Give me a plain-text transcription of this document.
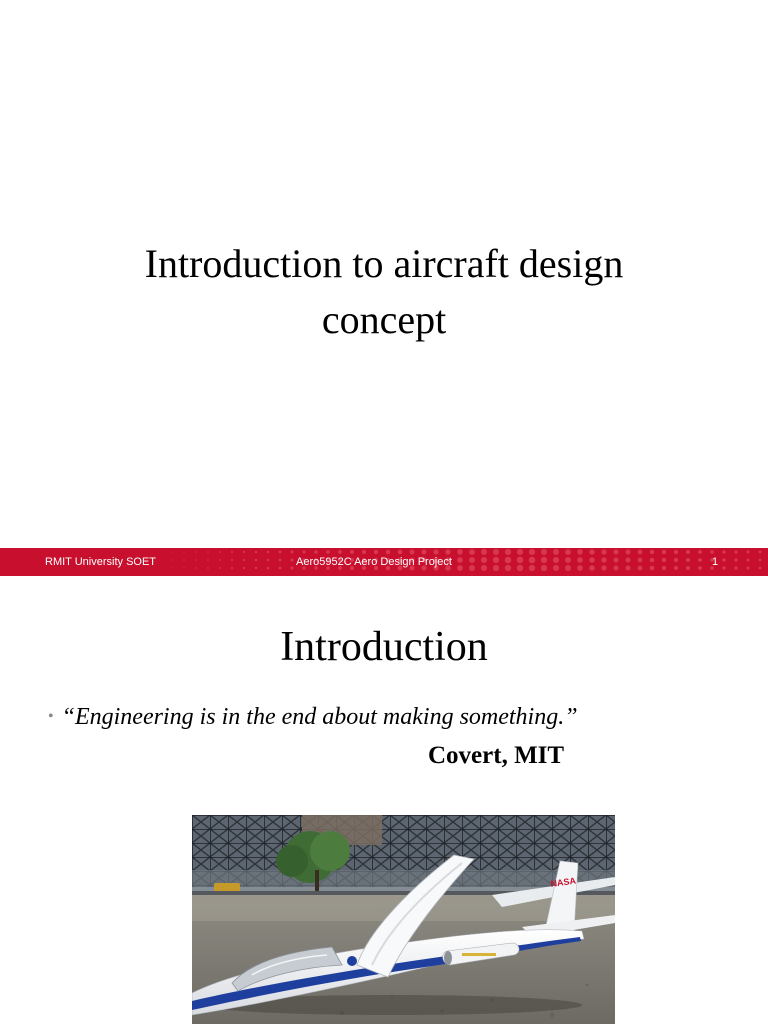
Introduction to aircraft design
concept
RMIT University SOET	Aero5952C Aero Design Project	1
Introduction
• “Engineering is in the end about making something.”
Covert, MIT
NASA
